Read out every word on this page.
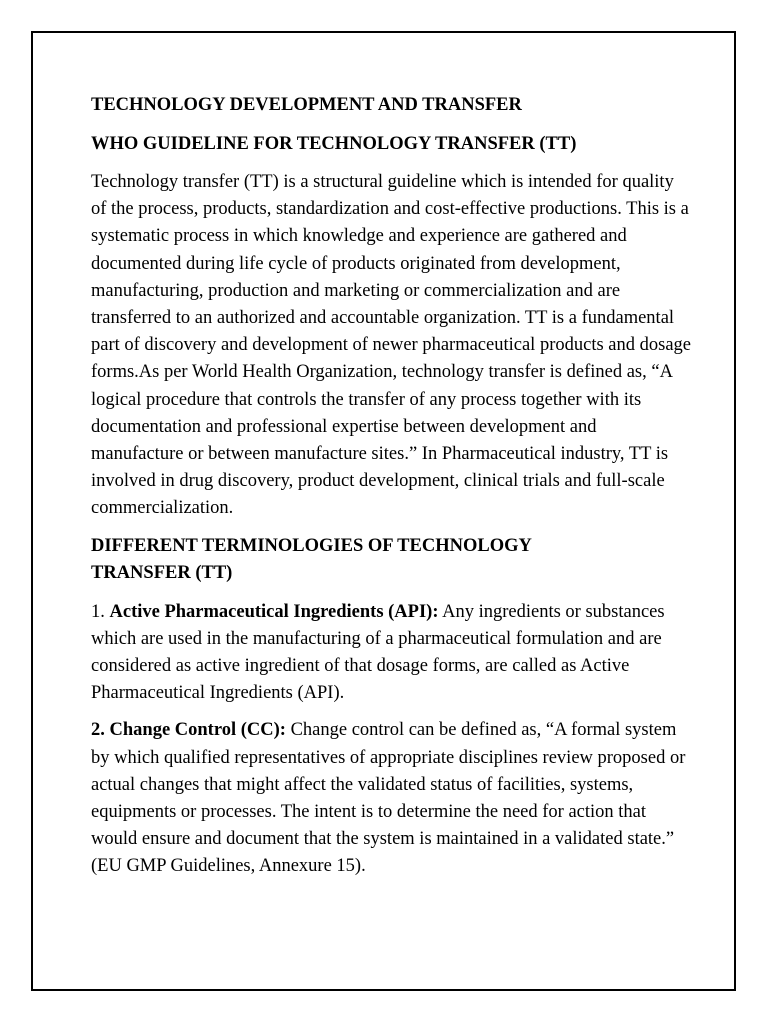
TECHNOLOGY DEVELOPMENT AND TRANSFER
WHO GUIDELINE FOR TECHNOLOGY TRANSFER (TT)

Technology transfer (TT) is a structural guideline which is intended for quality of the process, products, standardization and cost-effective productions. This is a systematic process in which knowledge and experience are gathered and documented during life cycle of products originated from development, manufacturing, production and marketing or commercialization and are transferred to an authorized and accountable organization. TT is a fundamental part of discovery and development of newer pharmaceutical products and dosage forms.As per World Health Organization, technology transfer is defined as, “A logical procedure that controls the transfer of any process together with its documentation and professional expertise between development and manufacture or between manufacture sites.” In Pharmaceutical industry, TT is involved in drug discovery, product development, clinical trials and full-scale commercialization.

DIFFERENT TERMINOLOGIES OF TECHNOLOGY
TRANSFER (TT)

1. Active Pharmaceutical Ingredients (API): Any ingredients or substances which are used in the manufacturing of a pharmaceutical formulation and are considered as active ingredient of that dosage forms, are called as Active Pharmaceutical Ingredients (API).

2. Change Control (CC): Change control can be defined as, “A formal system by which qualified representatives of appropriate disciplines review proposed or actual changes that might affect the validated status of facilities, systems, equipments or processes. The intent is to determine the need for action that would ensure and document that the system is maintained in a validated state.” (EU GMP Guidelines, Annexure 15).
